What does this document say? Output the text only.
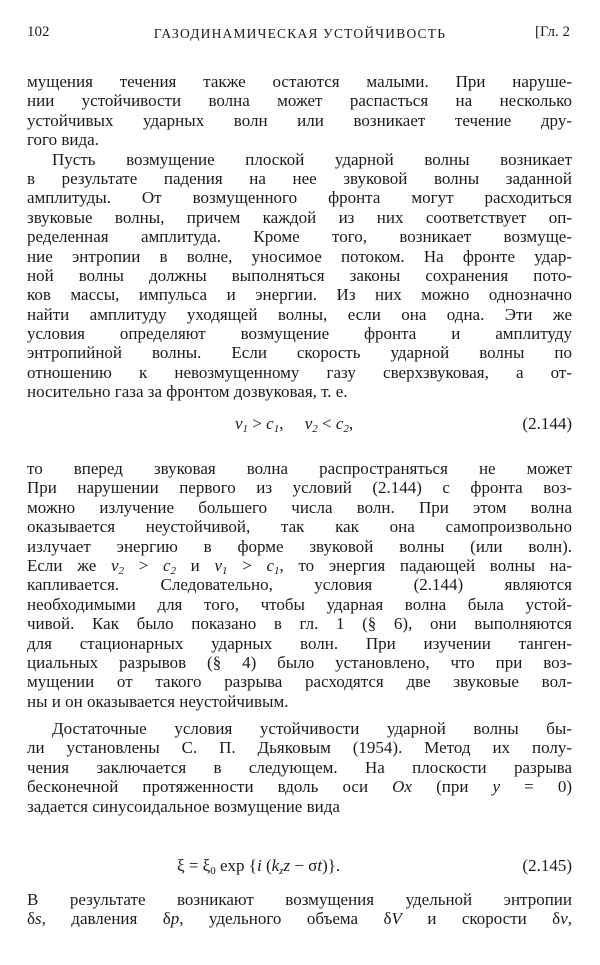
102	ГАЗОДИНАМИЧЕСКАЯ УСТОЙЧИВОСТЬ	[Гл. 2
мущения течения также остаются малыми. При наруше-
нии устойчивости волна может распасться на несколько
устойчивых ударных волн или возникает течение дру-
гого вида.
Пусть возмущение плоской ударной волны возникает
в результате падения на нее звуковой волны заданной
амплитуды. От возмущенного фронта могут расходиться
звуковые волны, причем каждой из них соответствует оп-
ределенная амплитуда. Кроме того, возникает возмуще-
ние энтропии в волне, уносимое потоком. На фронте удар-
ной волны должны выполняться законы сохранения пото-
ков массы, импульса и энергии. Из них можно однозначно
найти амплитуду уходящей волны, если она одна. Эти же
условия определяют возмущение фронта и амплитуду
энтропийной волны. Если скорость ударной волны по
отношению к невозмущенному газу сверхзвуковая, а от-
носительно газа за фронтом дозвуковая, т. е.
$v_1 > c_1$,     $v_2 < c_2$,	(2.144)
то вперед звуковая волна распространяться не может
При нарушении первого из условий (2.144) с фронта воз-
можно излучение большего числа волн. При этом волна
оказывается неустойчивой, так как она самопроизвольно
излучает энергию в форме звуковой волны (или волн).
Если же $v_2 > c_2$ и $v_1 > c_1$, то энергия падающей волны на-
капливается. Следовательно, условия (2.144) являются
необходимыми для того, чтобы ударная волна была устой-
чивой. Как было показано в гл. 1 (§ 6), они выполняются
для стационарных ударных волн. При изучении танген-
циальных разрывов (§ 4) было установлено, что при воз-
мущении от такого разрыва расходятся две звуковые вол-
ны и он оказывается неустойчивым.
Достаточные условия устойчивости ударной волны бы-
ли установлены С. П. Дьяковым (1954). Метод их полу-
чения заключается в следующем. На плоскости разрыва
бесконечной протяженности вдоль оси Ox (при y = 0)
задается синусоидальное возмущение вида
$\xi = \xi_0$ exp {i $(k_zz - \sigma t)$}.	(2.145)
В результате возникают возмущения удельной энтропии
δs, давления δp, удельного объема δV и скорости δv,
